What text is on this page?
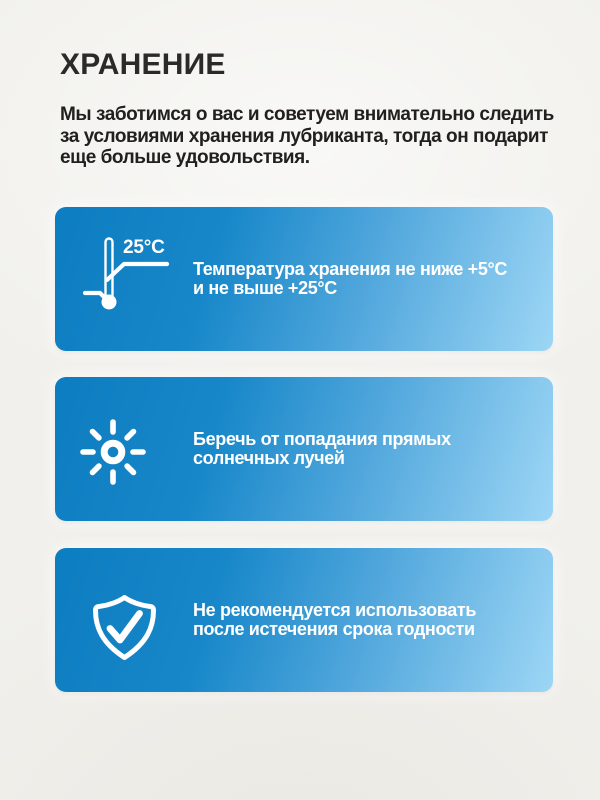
ХРАНЕНИЕ
Мы заботимся о вас и советуем внимательно следить
за условиями хранения лубриканта, тогда он подарит
еще больше удовольствия.
25°С
Температура хранения не ниже +5°С
и не выше +25°С
Беречь от попадания прямых
солнечных лучей
Не рекомендуется использовать
после истечения срока годности
